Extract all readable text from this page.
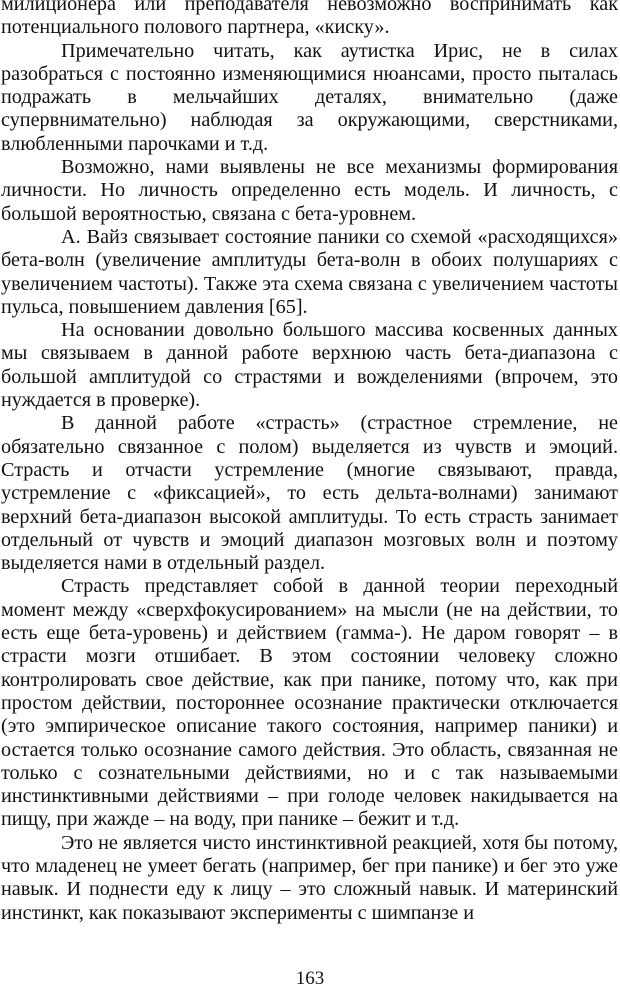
милиционера или преподавателя невозможно воспринимать как потенциального полового партнера, «киску».

Примечательно читать, как аутистка Ирис, не в силах разобраться с постоянно изменяющимися нюансами, просто пыталась подражать в мельчайших деталях, внимательно (даже супервнимательно) наблюдая за окружающими, сверстниками, влюбленными парочками и т.д.

Возможно, нами выявлены не все механизмы формирования личности. Но личность определенно есть модель. И личность, с большой вероятностью, связана с бета-уровнем.

А. Вайз связывает состояние паники со схемой «расходящихся» бета-волн (увеличение амплитуды бета-волн в обоих полушариях с увеличением частоты). Также эта схема связана с увеличением частоты пульса, повышением давления [65].

На основании довольно большого массива косвенных данных мы связываем в данной работе верхнюю часть бета-диапазона с большой амплитудой со страстями и вожделениями (впрочем, это нуждается в проверке).

В данной работе «страсть» (страстное стремление, не обязательно связанное с полом) выделяется из чувств и эмоций. Страсть и отчасти устремление (многие связывают, правда, устремление с «фиксацией», то есть дельта-волнами) занимают верхний бета-диапазон высокой амплитуды. То есть страсть занимает отдельный от чувств и эмоций диапазон мозговых волн и поэтому выделяется нами в отдельный раздел.

Страсть представляет собой в данной теории переходный момент между «сверхфокусированием» на мысли (не на действии, то есть еще бета-уровень) и действием (гамма-). Не даром говорят – в страсти мозги отшибает. В этом состоянии человеку сложно контролировать свое действие, как при панике, потому что, как при простом действии, постороннее осознание практически отключается (это эмпирическое описание такого состояния, например паники) и остается только осознание самого действия. Это область, связанная не только с сознательными действиями, но и с так называемыми инстинктивными действиями – при голоде человек накидывается на пищу, при жажде – на воду, при панике – бежит и т.д.

Это не является чисто инстинктивной реакцией, хотя бы потому, что младенец не умеет бегать (например, бег при панике) и бег это уже навык. И поднести еду к лицу – это сложный навык. И материнский инстинкт, как показывают эксперименты с шимпанзе и

163
